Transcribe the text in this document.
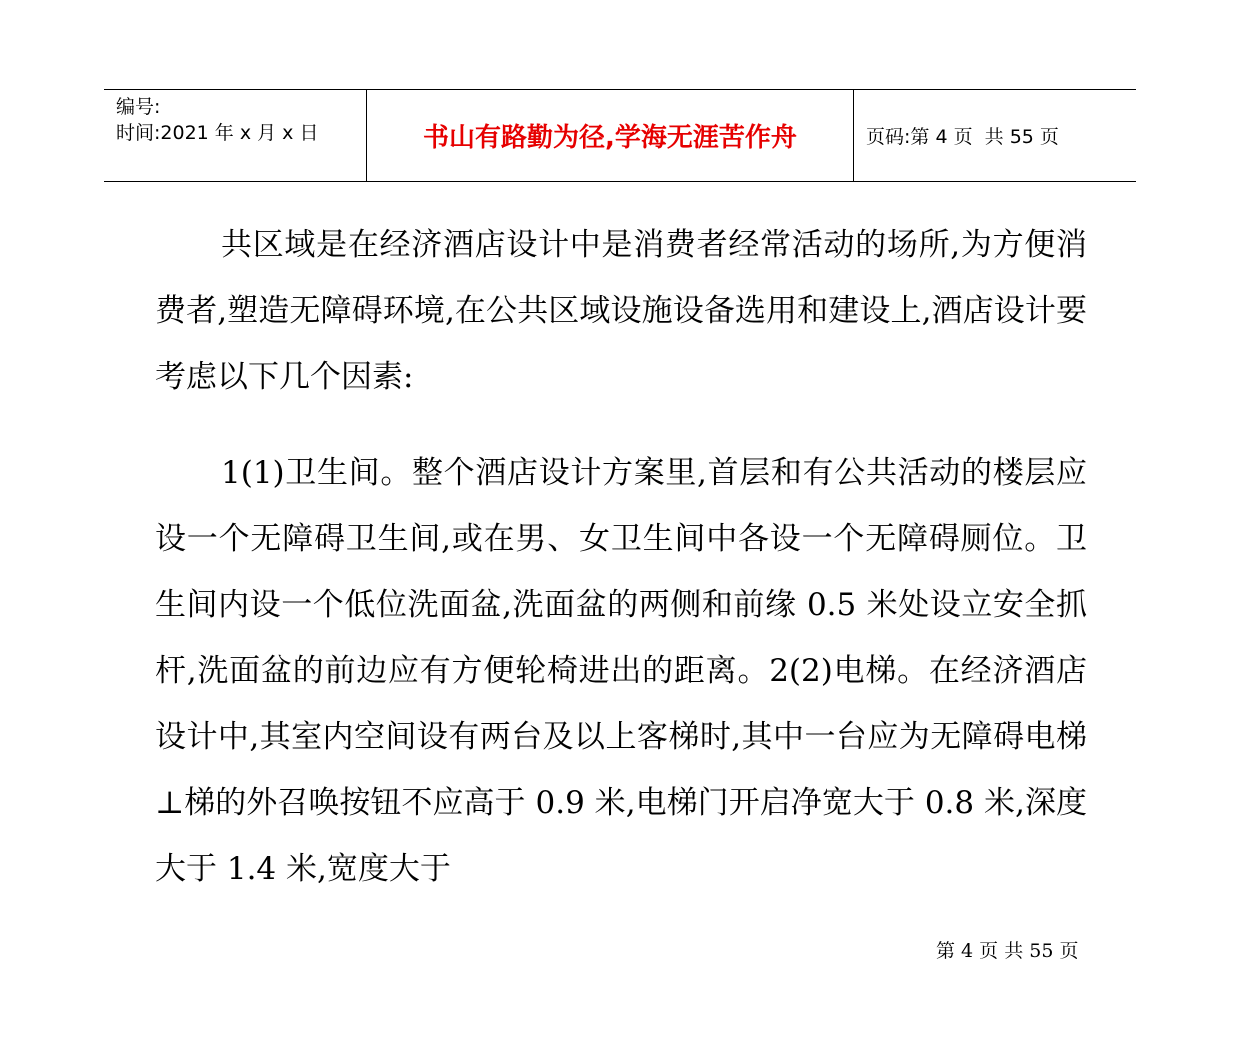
编号:
时间:2021 年 x 月 x 日	书山有路勤为径,学海无涯苦作舟	页码:第 4 页  共 55 页

共区域是在经济酒店设计中是消费者经常活动的场所,为方便消费者,塑造无障碍环境,在公共区域设施设备选用和建设上,酒店设计要考虑以下几个因素:

1(1)卫生间。整个酒店设计方案里,首层和有公共活动的楼层应设一个无障碍卫生间,或在男、女卫生间中各设一个无障碍厕位。卫生间内设一个低位洗面盆,洗面盆的两侧和前缘 0.5 米处设立安全抓杆,洗面盆的前边应有方便轮椅进出的距离。2(2)电梯。在经济酒店设计中,其室内空间设有两台及以上客梯时,其中一台应为无障碍电梯⊥梯的外召唤按钮不应高于 0.9 米,电梯门开启净宽大于 0.8 米,深度大于 1.4 米,宽度大于

第 4 页 共 55 页
